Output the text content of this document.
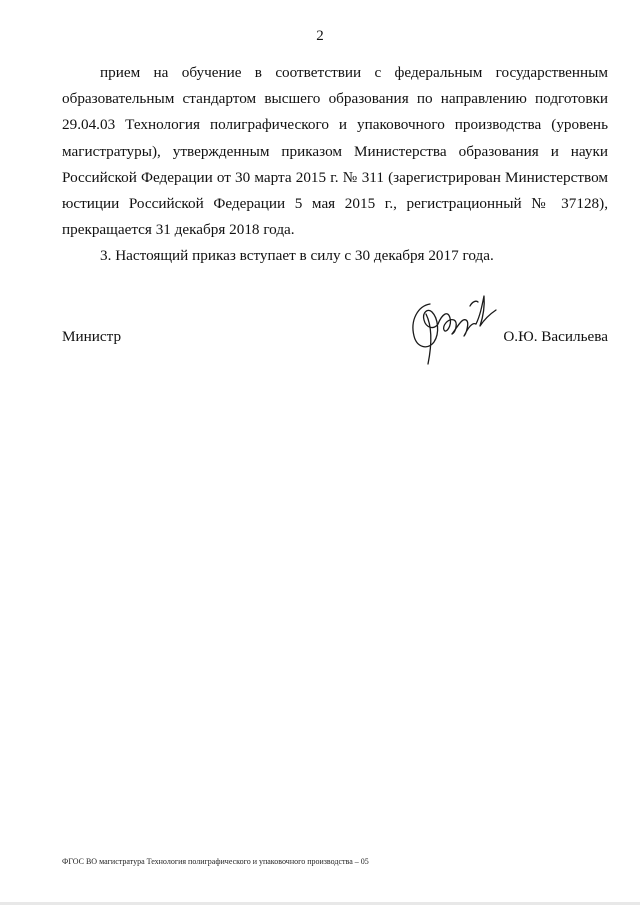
2

прием на обучение в соответствии с федеральным государственным
образовательным стандартом высшего образования по направлению подготовки
29.04.03 Технология полиграфического и упаковочного производства (уровень
магистратуры), утвержденным приказом Министерства образования и науки
Российской Федерации от 30 марта 2015 г. № 311 (зарегистрирован Министерством
юстиции Российской Федерации 5 мая 2015 г., регистрационный № 37128),
прекращается 31 декабря 2018 года.

3. Настоящий приказ вступает в силу с 30 декабря 2017 года.

Министр	О.Ю. Васильева
ФГОС ВО магистратура Технология полиграфического и упаковочного производства – 05
